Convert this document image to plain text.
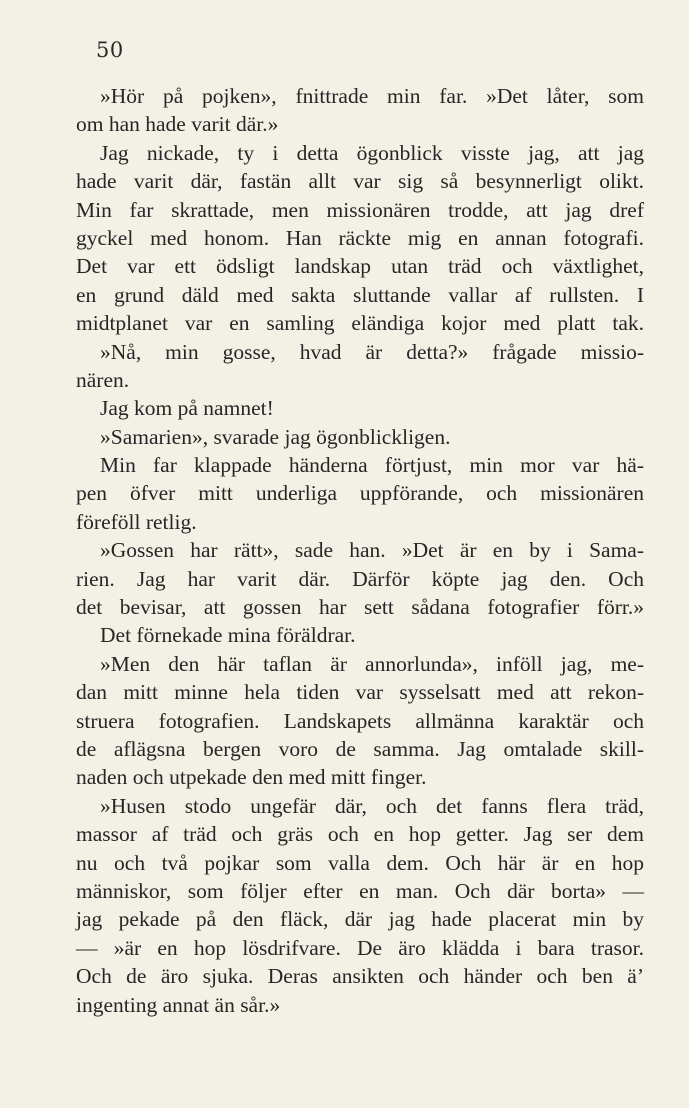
50
»Hör på pojken», fnittrade min far. »Det låter, som
om han hade varit där.»
Jag nickade, ty i detta ögonblick visste jag, att jag
hade varit där, fastän allt var sig så besynnerligt olikt.
Min far skrattade, men missionären trodde, att jag dref
gyckel med honom. Han räckte mig en annan fotografi.
Det var ett ödsligt landskap utan träd och växtlighet,
en grund däld med sakta sluttande vallar af rullsten. I
midtplanet var en samling eländiga kojor med platt tak.
»Nå, min gosse, hvad är detta?» frågade missio-
nären.
Jag kom på namnet!
»Samarien», svarade jag ögonblickligen.
Min far klappade händerna förtjust, min mor var hä-
pen öfver mitt underliga uppförande, och missionären
föreföll retlig.
»Gossen har rätt», sade han. »Det är en by i Sama-
rien. Jag har varit där. Därför köpte jag den. Och
det bevisar, att gossen har sett sådana fotografier förr.»
Det förnekade mina föräldrar.
»Men den här taflan är annorlunda», inföll jag, me-
dan mitt minne hela tiden var sysselsatt med att rekon-
struera fotografien. Landskapets allmänna karaktär och
de aflägsna bergen voro de samma. Jag omtalade skill-
naden och utpekade den med mitt finger.
»Husen stodo ungefär där, och det fanns flera träd,
massor af träd och gräs och en hop getter. Jag ser dem
nu och två pojkar som valla dem. Och här är en hop
människor, som följer efter en man. Och där borta» —
jag pekade på den fläck, där jag hade placerat min by
— »är en hop lösdrifvare. De äro klädda i bara trasor.
Och de äro sjuka. Deras ansikten och händer och ben ä’
ingenting annat än sår.»
